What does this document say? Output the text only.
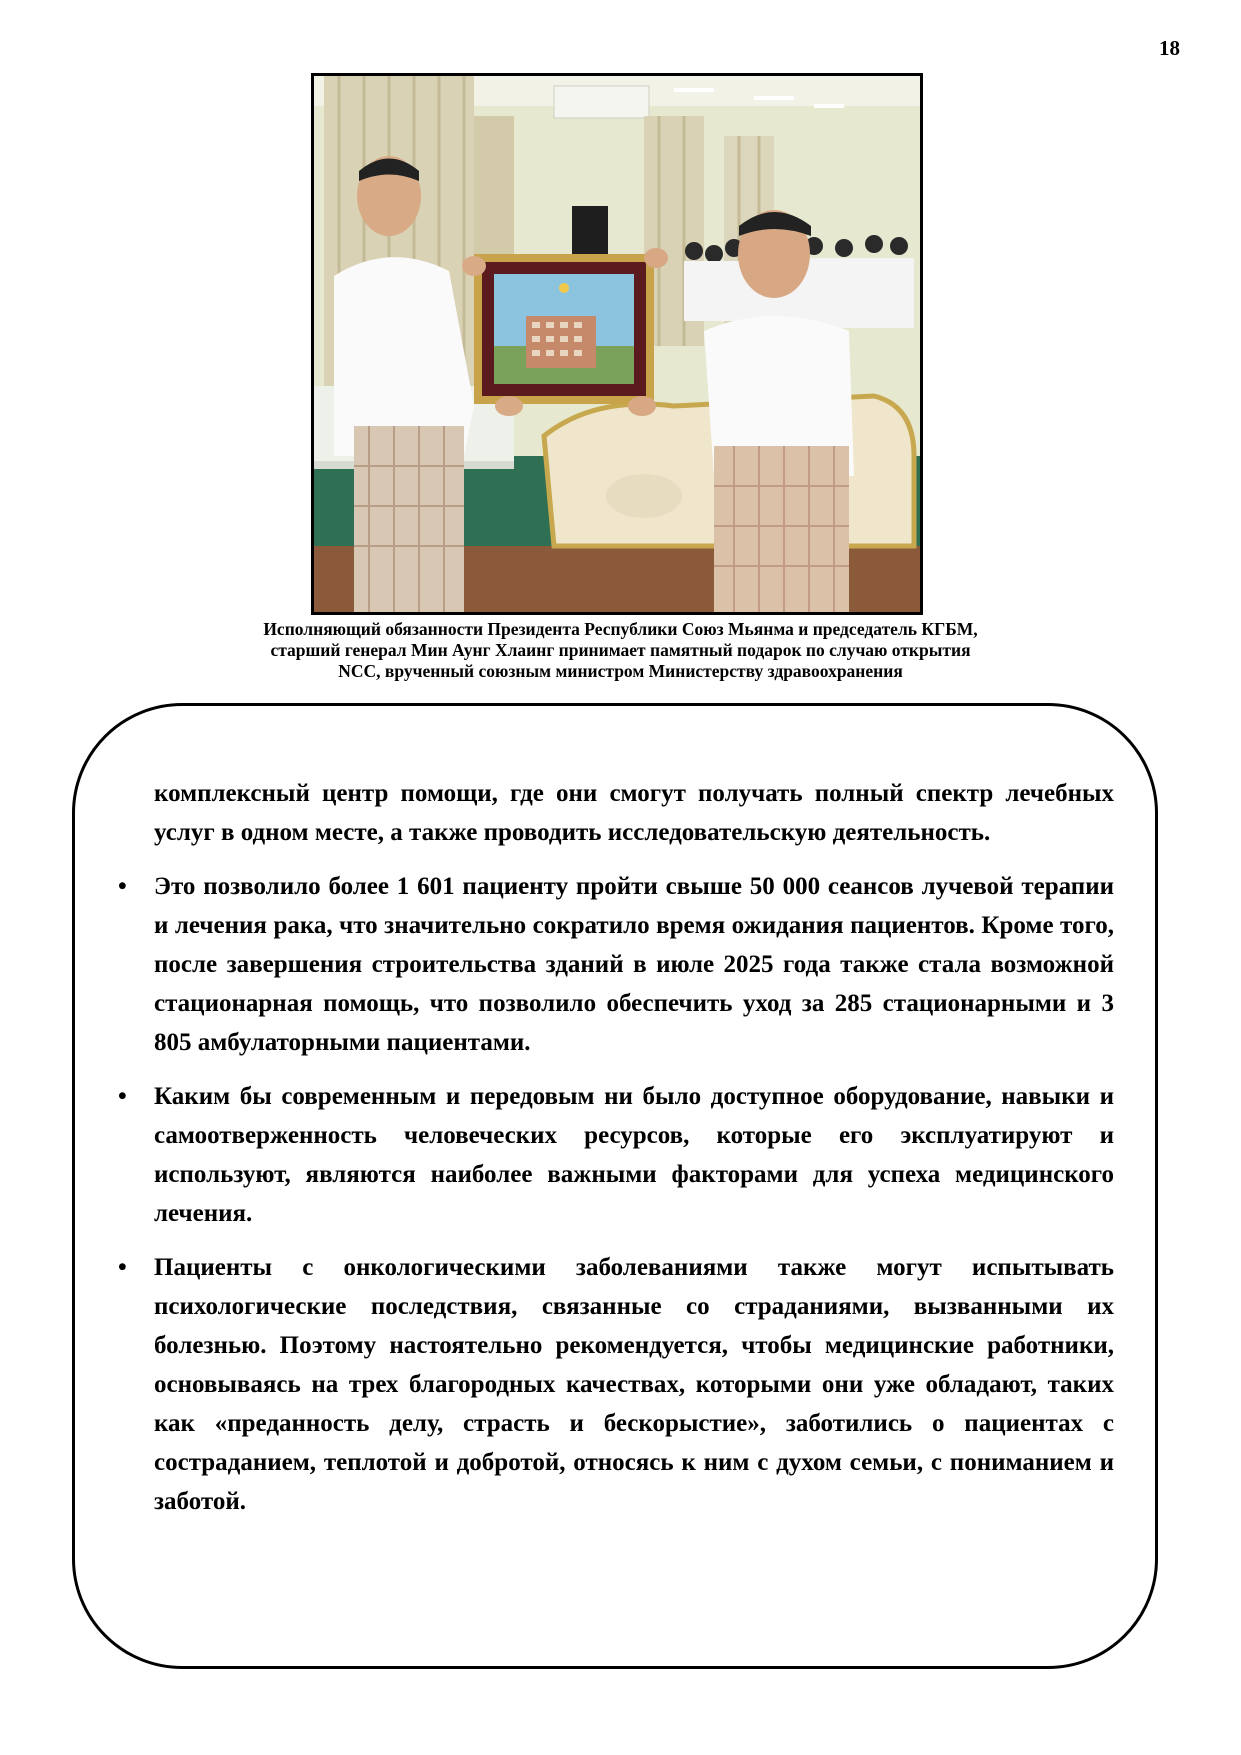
18
Исполняющий обязанности Президента Республики Союз Мьянма и председатель КГБМ,
старший генерал Мин Аунг Хлаинг принимает памятный подарок по случаю открытия
NCC, врученный союзным министром Министерству здравоохранения

комплексный центр помощи, где они смогут получать полный спектр лечебных услуг в одном месте, а также проводить исследовательскую деятельность.

•	Это позволило более 1 601 пациенту пройти свыше 50 000 сеансов лучевой терапии и лечения рака, что значительно сократило время ожидания пациентов. Кроме того, после завершения строительства зданий в июле 2025 года также стала возможной стационарная помощь, что позволило обеспечить уход за 285 стационарными и 3 805 амбулаторными пациентами.
•	Каким бы современным и передовым ни было доступное оборудование, навыки и самоотверженность человеческих ресурсов, которые его эксплуатируют и используют, являются наиболее важными факторами для успеха медицинского лечения.
•	Пациенты с онкологическими заболеваниями также могут испытывать психологические последствия, связанные со страданиями, вызванными их болезнью. Поэтому настоятельно рекомендуется, чтобы медицинские работники, основываясь на трех благородных качествах, которыми они уже обладают, таких как «преданность делу, страсть и бескорыстие», заботились о пациентах с состраданием, теплотой и добротой, относясь к ним с духом семьи, с пониманием и заботой.
